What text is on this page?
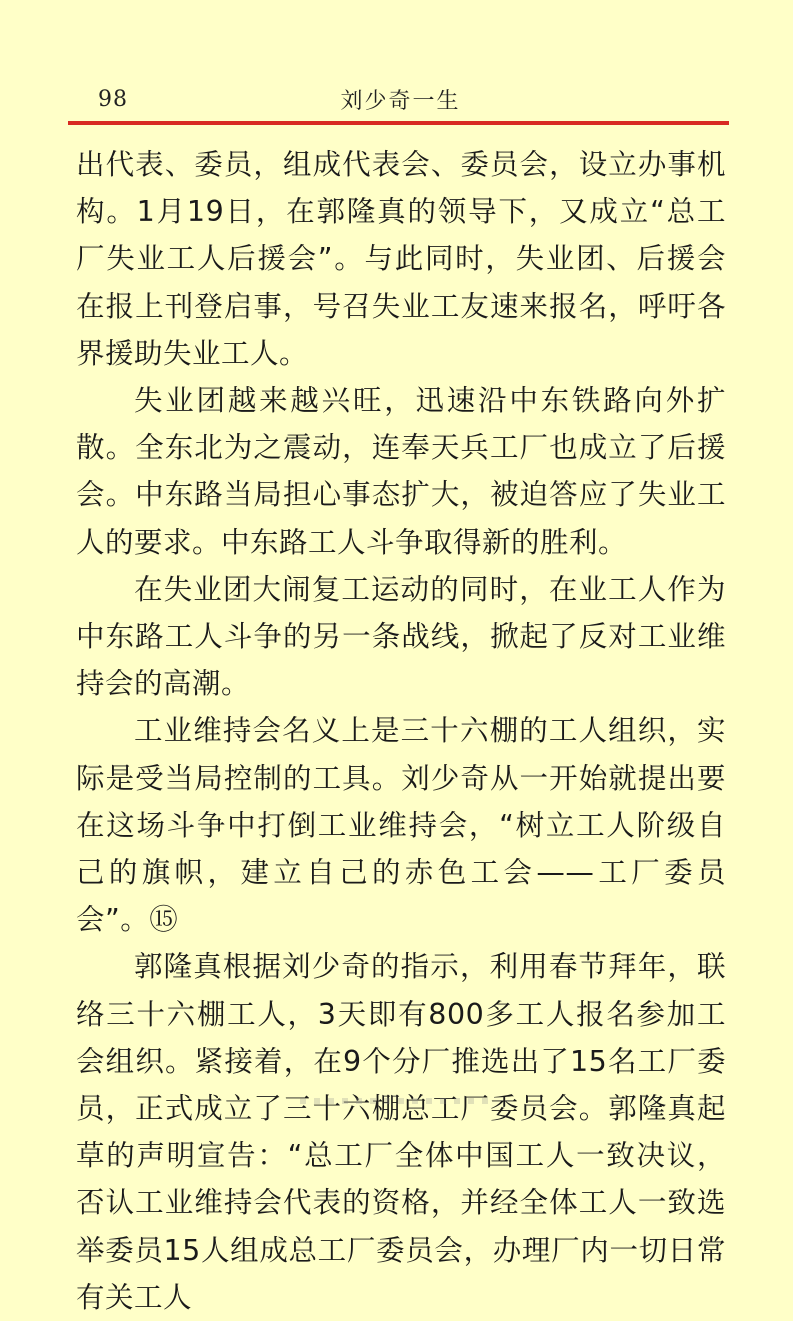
98	刘少奇一生

出代表、委员，组成代表会、委员会，设立办事机构。1月19日，在郭隆真的领导下，又成立“总工厂失业工人后援会”。与此同时，失业团、后援会在报上刊登启事，号召失业工友速来报名，呼吁各界援助失业工人。

失业团越来越兴旺，迅速沿中东铁路向外扩散。全东北为之震动，连奉天兵工厂也成立了后援会。中东路当局担心事态扩大，被迫答应了失业工人的要求。中东路工人斗争取得新的胜利。

在失业团大闹复工运动的同时，在业工人作为中东路工人斗争的另一条战线，掀起了反对工业维持会的高潮。

工业维持会名义上是三十六棚的工人组织，实际是受当局控制的工具。刘少奇从一开始就提出要在这场斗争中打倒工业维持会，“树立工人阶级自己的旗帜，建立自己的赤色工会——工厂委员会”。⑮

郭隆真根据刘少奇的指示，利用春节拜年，联络三十六棚工人，3天即有800多工人报名参加工会组织。紧接着，在9个分厂推选出了15名工厂委员，正式成立了三十六棚总工厂委员会。郭隆真起草的声明宣告：“总工厂全体中国工人一致决议，否认工业维持会代表的资格，并经全体工人一致选举委员15人组成总工厂委员会，办理厂内一切日常有关工人
